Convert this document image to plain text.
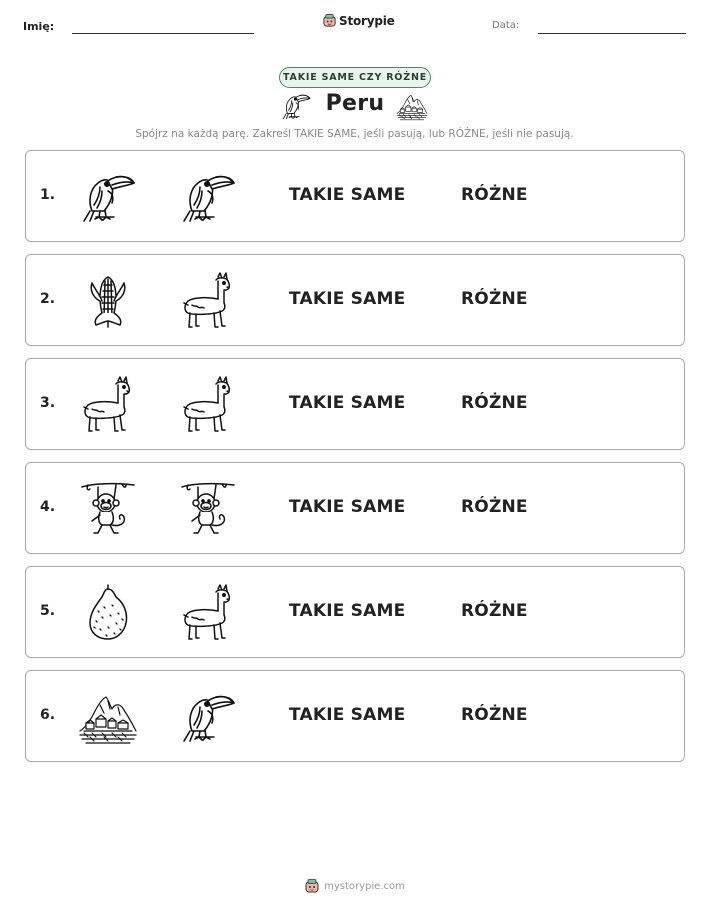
Imię:	Storypie	Data:
TAKIE SAME CZY RÓŻNE
Peru
Spójrz na każdą parę. Zakreśl TAKIE SAME, jeśli pasują, lub RÓŻNE, jeśli nie pasują.
1.	TAKIE SAME	RÓŻNE
2.	TAKIE SAME	RÓŻNE
3.	TAKIE SAME	RÓŻNE
4.	TAKIE SAME	RÓŻNE
5.	TAKIE SAME	RÓŻNE
6.	TAKIE SAME	RÓŻNE
mystorypie.com
